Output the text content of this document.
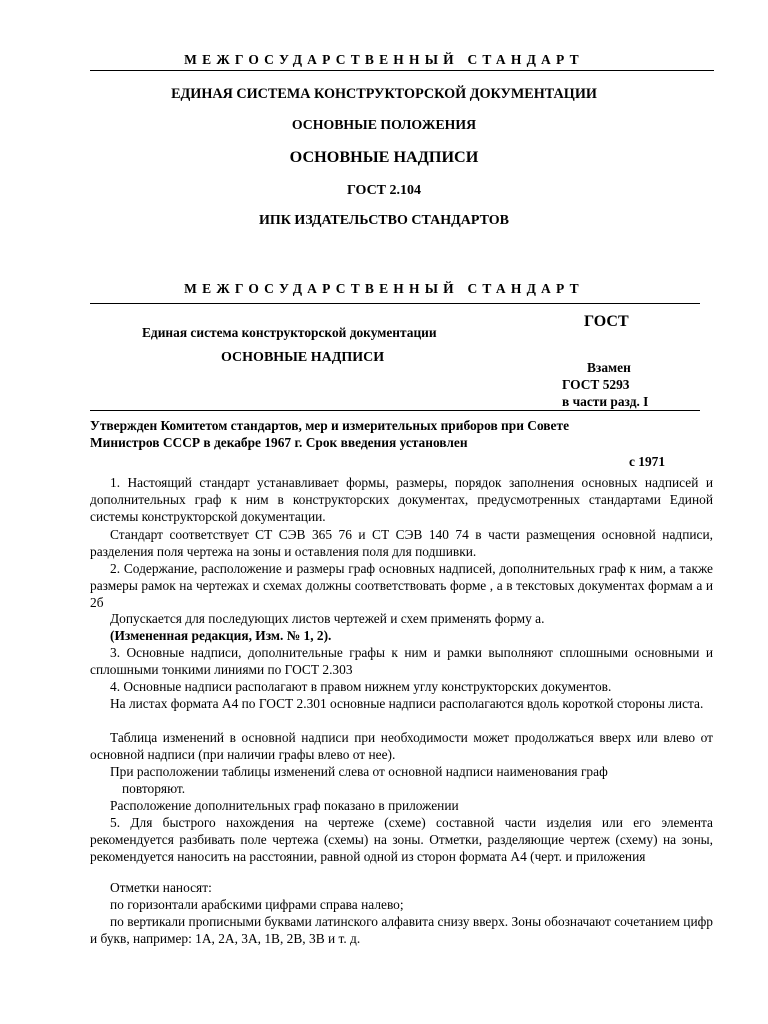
МЕЖГОСУДАРСТВЕННЫЙ СТАНДАРТ
ЕДИНАЯ СИСТЕМА КОНСТРУКТОРСКОЙ ДОКУМЕНТАЦИИ
ОСНОВНЫЕ ПОЛОЖЕНИЯ
ОСНОВНЫЕ НАДПИСИ
ГОСТ 2.104
ИПК ИЗДАТЕЛЬСТВО СТАНДАРТОВ
МЕЖГОСУДАРСТВЕННЫЙ СТАНДАРТ
Единая система конструкторской документации
ОСНОВНЫЕ НАДПИСИ
ГОСТ
Взамен
ГОСТ 5293
в части разд. I
Утвержден Комитетом стандартов, мер и измерительных приборов при Совете
Министров СССР в декабре 1967 г. Срок введения установлен
с 1971
1. Настоящий стандарт устанавливает формы, размеры, порядок заполнения основных надписей и дополнительных граф к ним в конструкторских документах, предусмотренных стандартами Единой системы конструкторской документации.
Стандарт соответствует СТ СЭВ 365 76 и СТ СЭВ 140 74 в части размещения основной надписи, разделения поля чертежа на зоны и оставления поля для подшивки.
2. Содержание, расположение и размеры граф основных надписей, дополнительных граф к ним, а также размеры рамок на чертежах и схемах должны соответствовать форме , а в текстовых документах формам а и 2б
Допускается для последующих листов чертежей и схем применять форму а.
(Измененная редакция, Изм. № 1, 2).
3. Основные надписи, дополнительные графы к ним и рамки выполняют сплошными основными и сплошными тонкими линиями по ГОСТ 2.303
4. Основные надписи располагают в правом нижнем углу конструкторских документов.
На листах формата А4 по ГОСТ 2.301 основные надписи располагаются вдоль короткой стороны листа.
Таблица изменений в основной надписи при необходимости может продолжаться вверх или влево от основной надписи (при наличии графы влево от нее).
При расположении таблицы изменений слева от основной надписи наименования граф
повторяют.
Расположение дополнительных граф показано в приложении
5. Для быстрого нахождения на чертеже (схеме) составной части изделия или его элемента рекомендуется разбивать поле чертежа (схемы) на зоны. Отметки, разделяющие чертеж (схему) на зоны, рекомендуется наносить на расстоянии, равной одной из сторон формата А4 (черт. и приложения
Отметки наносят:
по горизонтали арабскими цифрами справа налево;
по вертикали прописными буквами латинского алфавита снизу вверх. Зоны обозначают сочетанием цифр и букв, например: 1А, 2А, 3А, 1В, 2В, 3В и т. д.
